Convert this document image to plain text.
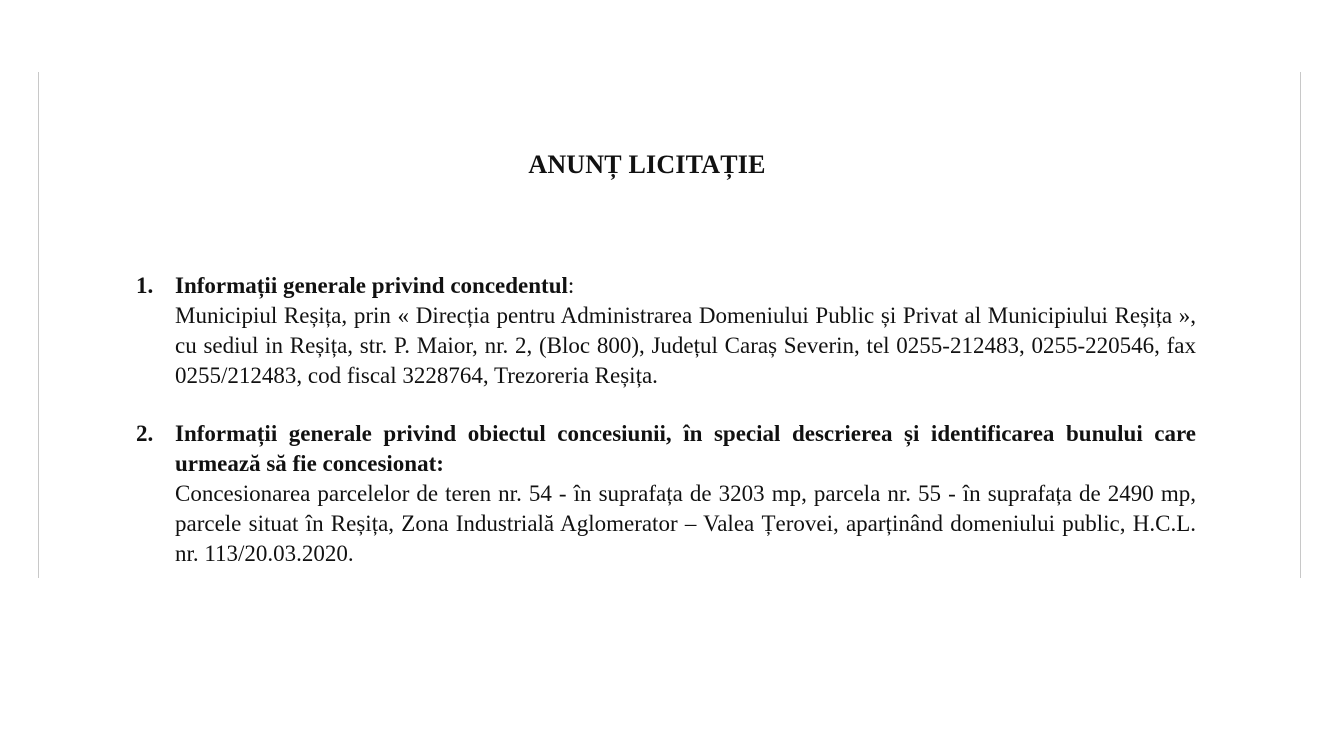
ANUNȚ LICITAȚIE
1. Informații generale privind concedentul:
Municipiul Reșița, prin « Direcția pentru Administrarea Domeniului Public și Privat al Municipiului Reșița », cu sediul in Reșița, str. P. Maior, nr. 2, (Bloc 800), Județul Caraș Severin, tel 0255-212483, 0255-220546, fax 0255/212483, cod fiscal 3228764, Trezoreria Reșița.
2. Informații generale privind obiectul concesiunii, în special descrierea și identificarea bunului care urmează să fie concesionat:
Concesionarea parcelelor de teren nr. 54 - în suprafața de 3203 mp, parcela nr. 55 - în suprafața de 2490 mp, parcele situat în Reșița, Zona Industrială Aglomerator – Valea Țerovei, aparținând domeniului public, H.C.L. nr. 113/20.03.2020.
